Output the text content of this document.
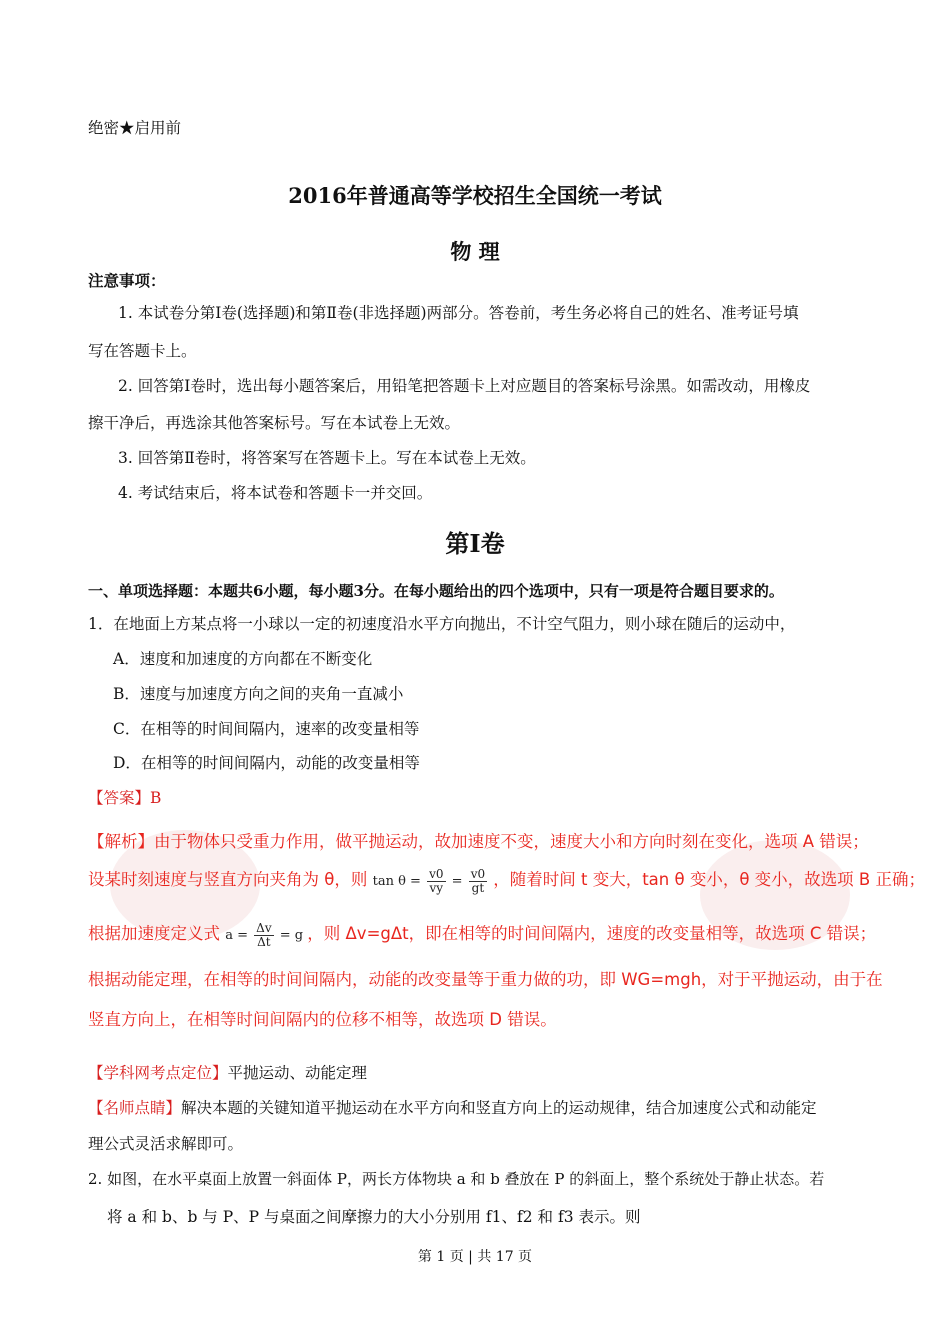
绝密★启用前
2016年普通高等学校招生全国统一考试
物 理
注意事项：
1. 本试卷分第Ⅰ卷(选择题)和第Ⅱ卷(非选择题)两部分。答卷前，考生务必将自己的姓名、准考证号填
写在答题卡上。
2. 回答第Ⅰ卷时，选出每小题答案后，用铅笔把答题卡上对应题目的答案标号涂黑。如需改动，用橡皮
擦干净后，再选涂其他答案标号。写在本试卷上无效。
3. 回答第Ⅱ卷时，将答案写在答题卡上。写在本试卷上无效。
4. 考试结束后，将本试卷和答题卡一并交回。
第Ⅰ卷
一、单项选择题：本题共6小题，每小题3分。在每小题给出的四个选项中，只有一项是符合题目要求的。
1．在地面上方某点将一小球以一定的初速度沿水平方向抛出，不计空气阻力，则小球在随后的运动中，
A．速度和加速度的方向都在不断变化
B．速度与加速度方向之间的夹角一直减小
C．在相等的时间间隔内，速率的改变量相等
D．在相等的时间间隔内，动能的改变量相等
【答案】B
【解析】由于物体只受重力作用，做平抛运动，故加速度不变，速度大小和方向时刻在变化，选项 A 错误；
设某时刻速度与竖直方向夹角为 θ，则 $\tan \theta = \frac{v0}{vy} = \frac{v0}{gt}$ ，随着时间 t 变大，tan θ 变小，θ 变小，故选项 B 正确；
根据加速度定义式 $a = \frac{\Delta v}{\Delta t} = g$ ，则 Δv=gΔt，即在相等的时间间隔内，速度的改变量相等，故选项 C 错误；
根据动能定理，在相等的时间间隔内，动能的改变量等于重力做的功，即 WG=mgh，对于平抛运动，由于在
竖直方向上，在相等时间间隔内的位移不相等，故选项 D 错误。
【学科网考点定位】平抛运动、动能定理
【名师点睛】解决本题的关键知道平抛运动在水平方向和竖直方向上的运动规律，结合加速度公式和动能定
理公式灵活求解即可。
2. 如图，在水平桌面上放置一斜面体 P，两长方体物块 a 和 b 叠放在 P 的斜面上，整个系统处于静止状态。若
将 a 和 b、b 与 P、P 与桌面之间摩擦力的大小分别用 f1、f2 和 f3 表示。则
第 1 页 | 共 17 页
